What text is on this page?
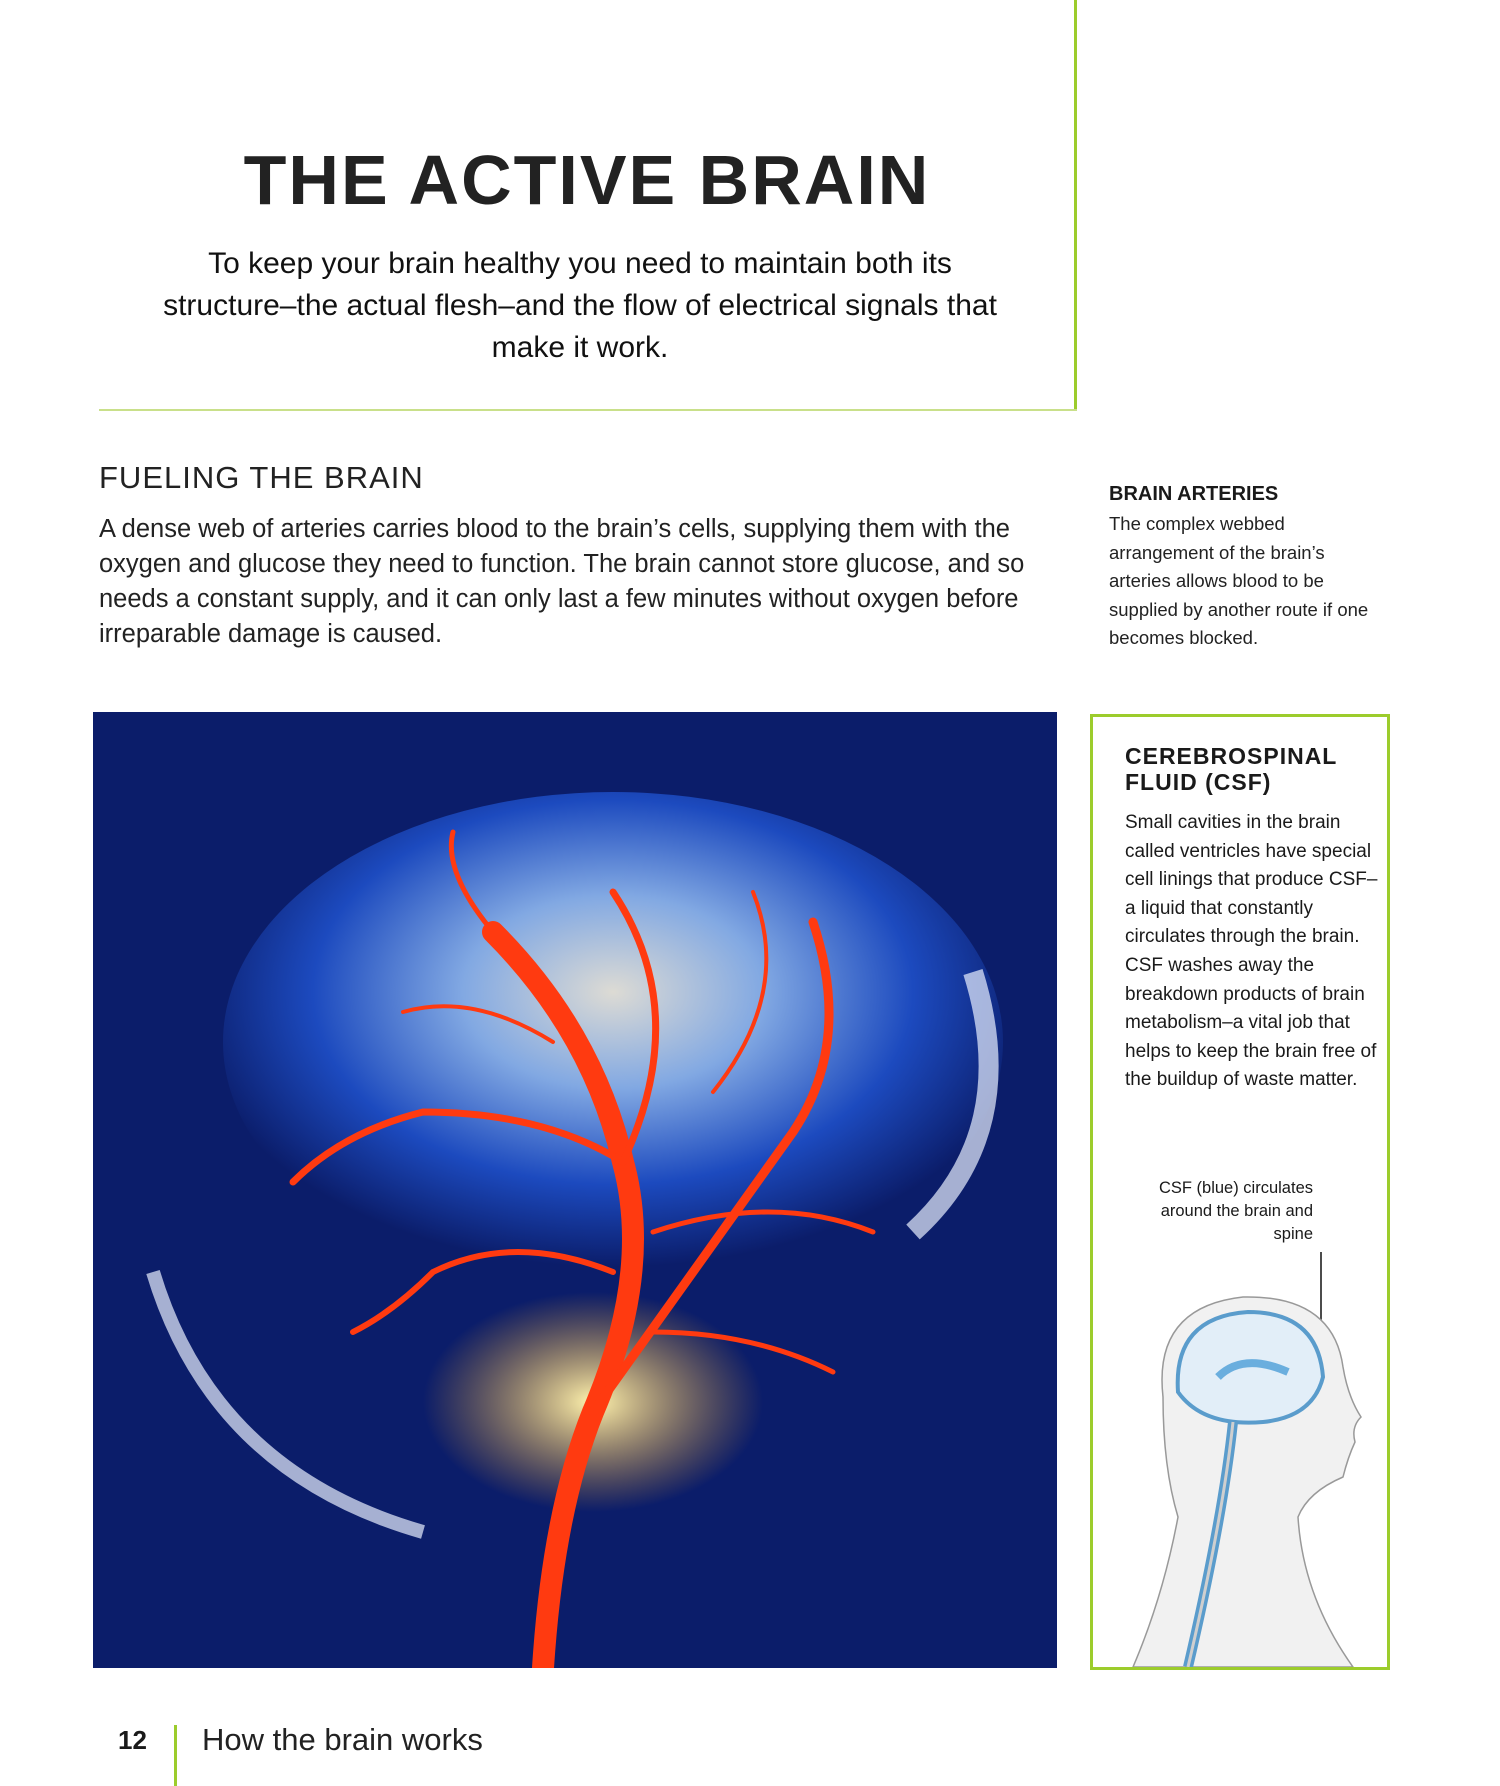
THE ACTIVE BRAIN
To keep your brain healthy you need to maintain both its structure–the actual flesh–and the flow of electrical signals that make it work.
FUELING THE BRAIN
A dense web of arteries carries blood to the brain’s cells, supplying them with the oxygen and glucose they need to function. The brain cannot store glucose, and so needs a constant supply, and it can only last a few minutes without oxygen before irreparable damage is caused.
BRAIN ARTERIES

The complex webbed arrangement of the brain’s arteries allows blood to be supplied by another route if one becomes blocked.

CEREBROSPINAL FLUID (CSF)

Small cavities in the brain called ventricles have special cell linings that produce CSF–a liquid that constantly circulates through the brain. CSF washes away the breakdown products of brain metabolism–a vital job that helps to keep the brain free of the buildup of waste matter.

CSF (blue) circulates around the brain and spine
12 How the brain works
